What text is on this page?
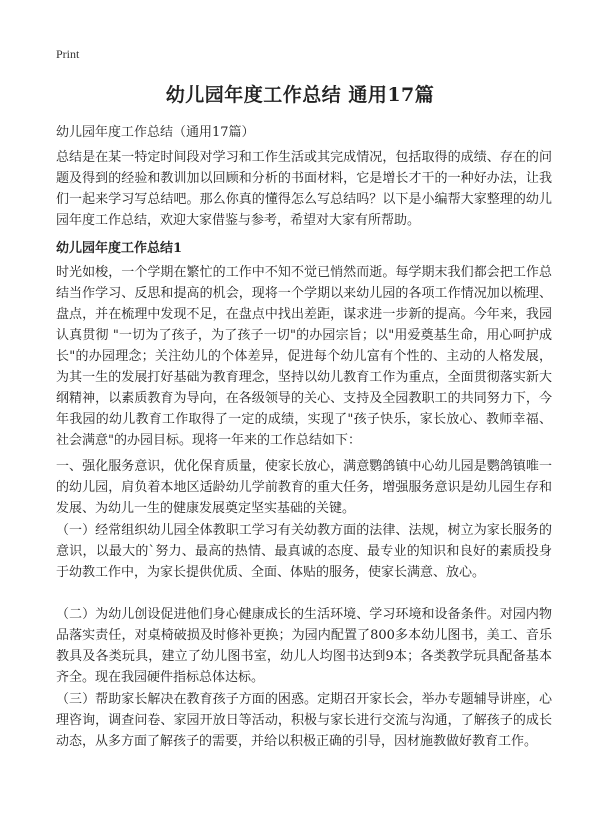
Print
幼儿园年度工作总结 通用17篇
幼儿园年度工作总结（通用17篇）

总结是在某一特定时间段对学习和工作生活或其完成情况，包括取得的成绩、存在的问题及得到的经验和教训加以回顾和分析的书面材料，它是增长才干的一种好办法，让我们一起来学习写总结吧。那么你真的懂得怎么写总结吗？以下是小编帮大家整理的幼儿园年度工作总结，欢迎大家借鉴与参考，希望对大家有所帮助。

幼儿园年度工作总结1

时光如梭，一个学期在繁忙的工作中不知不觉已悄然而逝。每学期末我们都会把工作总结当作学习、反思和提高的机会，现将一个学期以来幼儿园的各项工作情况加以梳理、盘点，并在梳理中发现不足，在盘点中找出差距，谋求进一步新的提高。今年来，我园认真贯彻 "一切为了孩子，为了孩子一切"的办园宗旨；以"用爱奠基生命，用心呵护成长"的办园理念；关注幼儿的个体差异，促进每个幼儿富有个性的、主动的人格发展，为其一生的发展打好基础为教育理念，坚持以幼儿教育工作为重点，全面贯彻落实新大纲精神，以素质教育为导向，在各级领导的关心、支持及全园教职工的共同努力下，今年我园的幼儿教育工作取得了一定的成绩，实现了"孩子快乐，家长放心、教师幸福、社会满意"的办园目标。现将一年来的工作总结如下：

一、强化服务意识，优化保育质量，使家长放心，满意鹦鸽镇中心幼儿园是鹦鸽镇唯一的幼儿园，肩负着本地区适龄幼儿学前教育的重大任务，增强服务意识是幼儿园生存和发展、为幼儿一生的健康发展奠定坚实基础的关键。

（一）经常组织幼儿园全体教职工学习有关幼教方面的法律、法规，树立为家长服务的意识，以最大的`努力、最高的热情、最真诚的态度、最专业的知识和良好的素质投身于幼教工作中，为家长提供优质、全面、体贴的服务，使家长满意、放心。

（二）为幼儿创设促进他们身心健康成长的生活环境、学习环境和设备条件。对园内物品落实责任，对桌椅破损及时修补更换；为园内配置了800多本幼儿图书，美工、音乐教具及各类玩具，建立了幼儿图书室，幼儿人均图书达到9本；各类教学玩具配备基本齐全。现在我园硬件指标总体达标。

（三）帮助家长解决在教育孩子方面的困惑。定期召开家长会，举办专题辅导讲座，心理咨询，调查问卷、家园开放日等活动，积极与家长进行交流与沟通，了解孩子的成长动态，从多方面了解孩子的需要，并给以积极正确的引导，因材施教做好教育工作。
